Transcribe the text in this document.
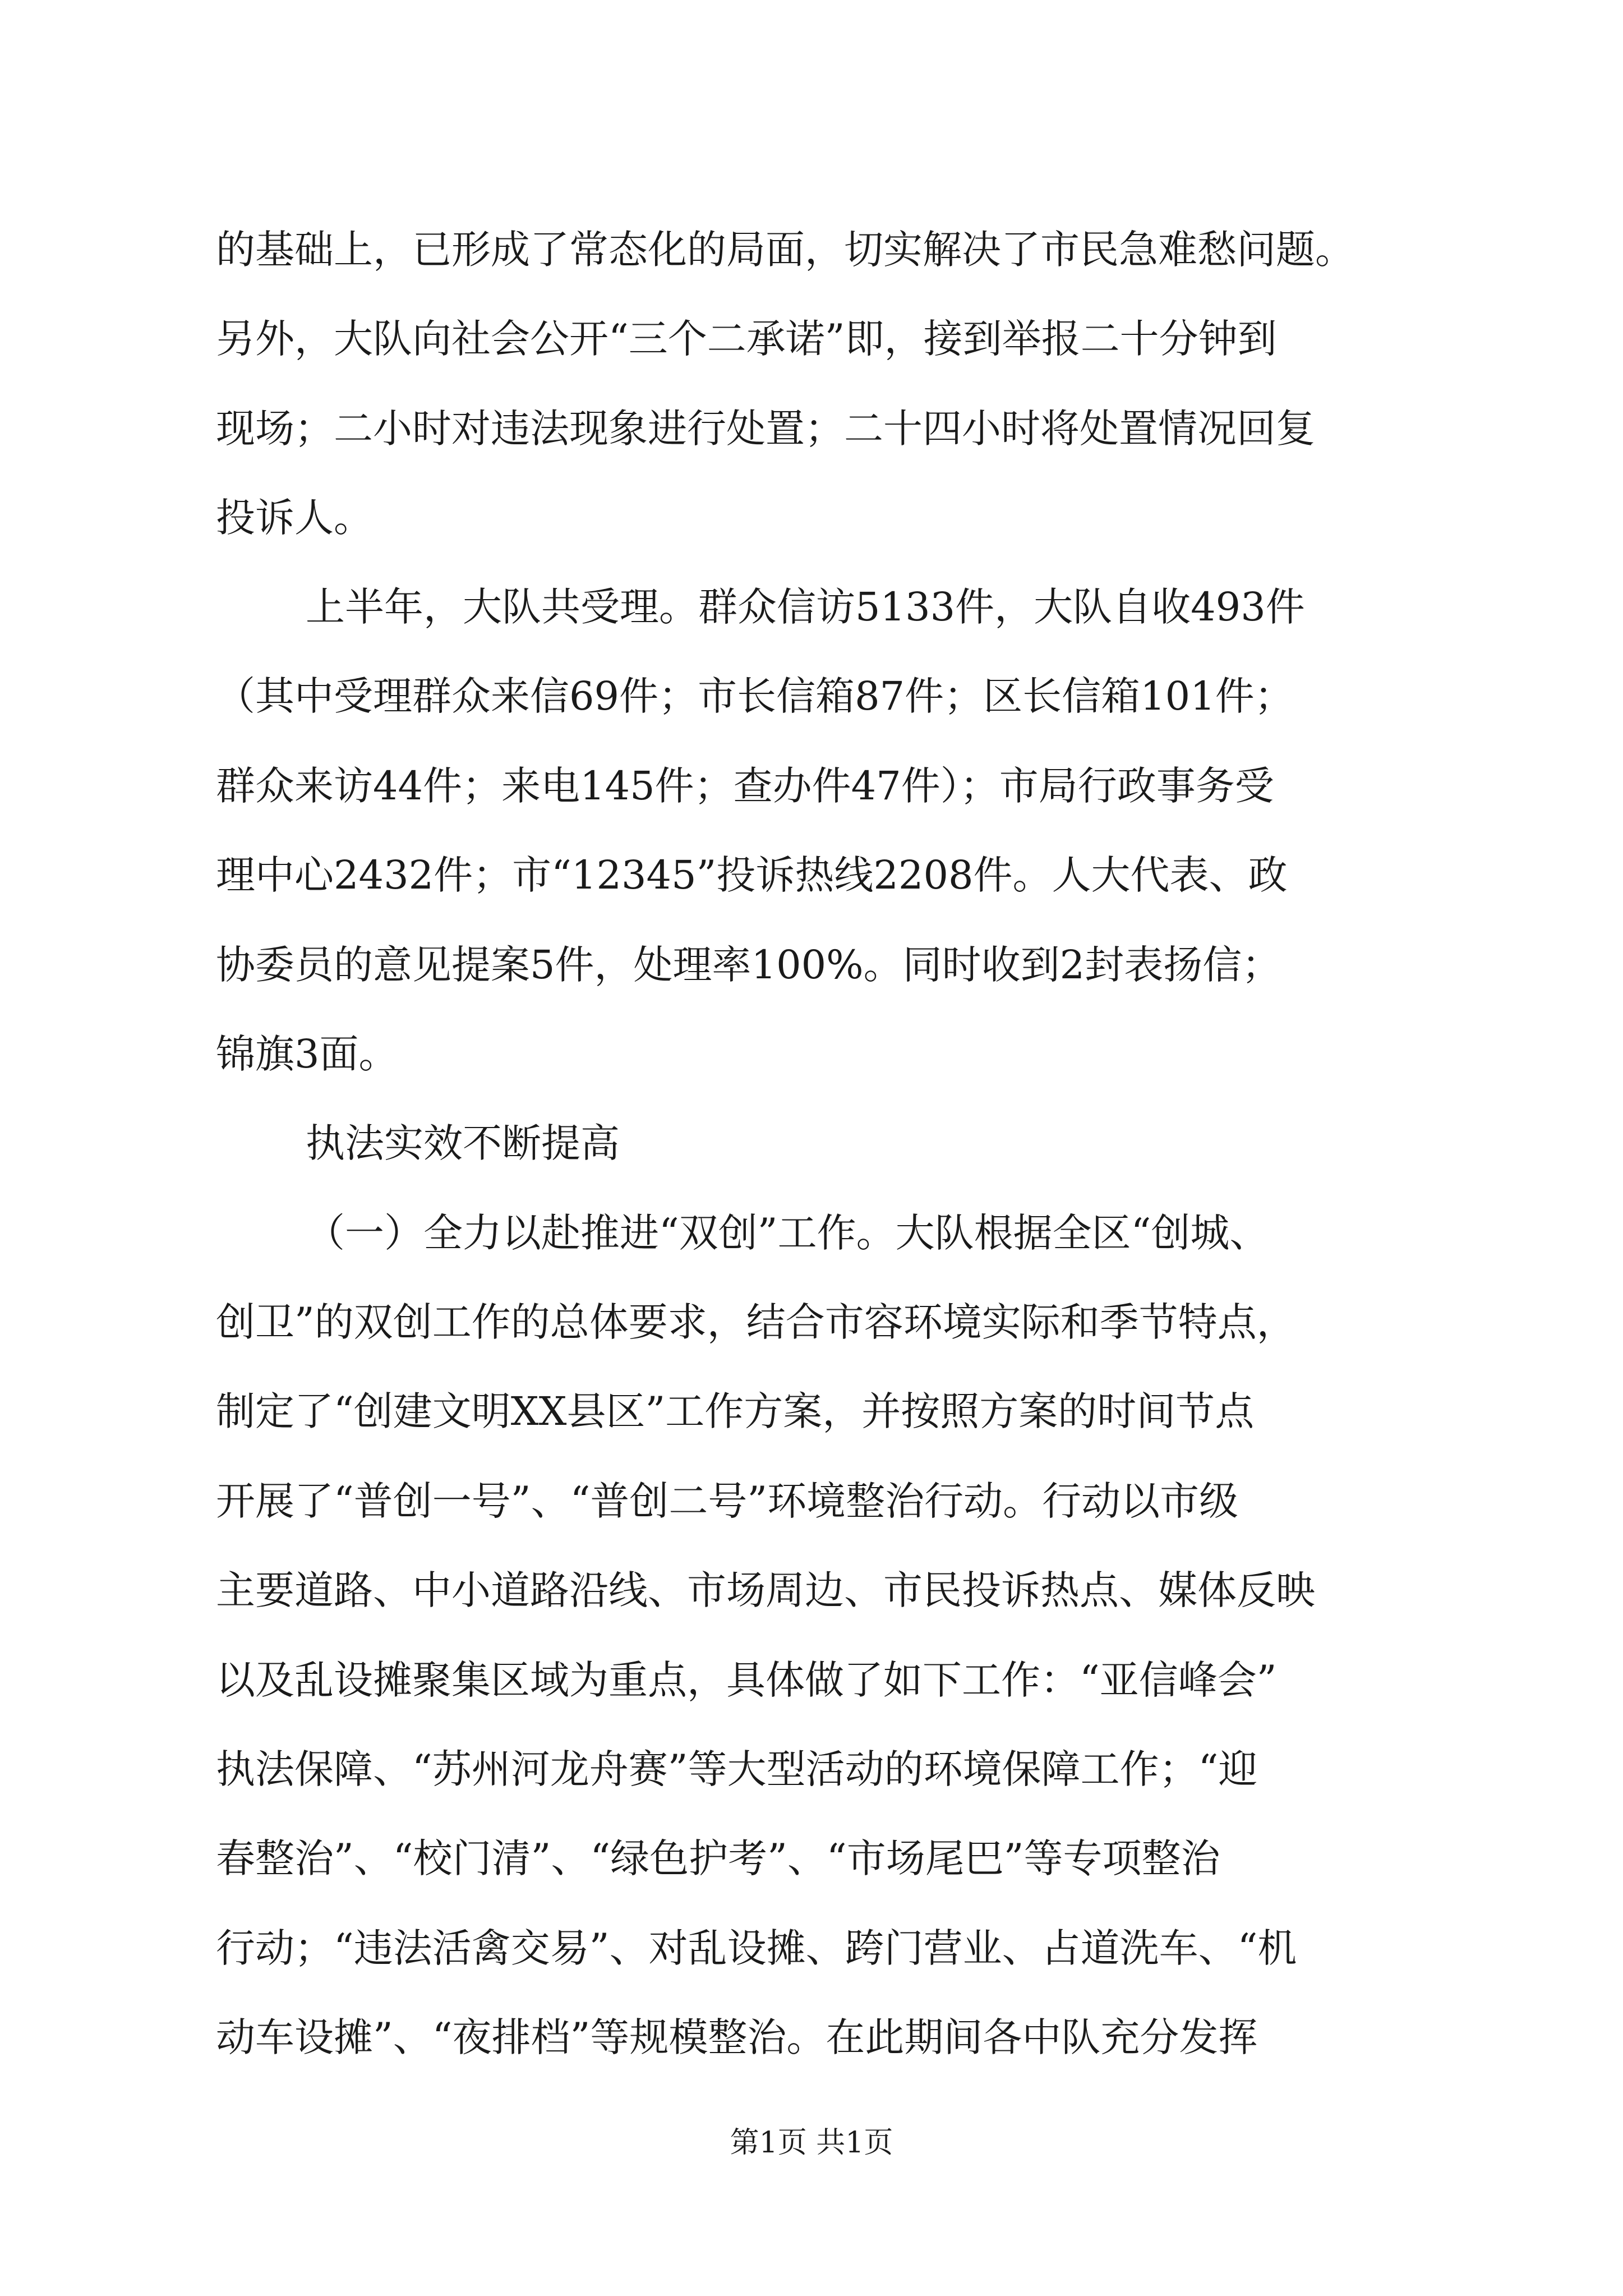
的基础上，已形成了常态化的局面，切实解决了市民急难愁问题。
另外，大队向社会公开“三个二承诺”即，接到举报二十分钟到
现场；二小时对违法现象进行处置；二十四小时将处置情况回复
投诉人。
上半年，大队共受理。群众信访5133件，大队自收493件
（其中受理群众来信69件；市长信箱87件；区长信箱101件；
群众来访44件；来电145件；查办件47件）；市局行政事务受
理中心2432件；市“12345”投诉热线2208件。人大代表、政
协委员的意见提案5件，处理率100%。同时收到2封表扬信；
锦旗3面。
执法实效不断提高
（一）全力以赴推进“双创”工作。大队根据全区“创城、
创卫”的双创工作的总体要求，结合市容环境实际和季节特点，
制定了“创建文明XX县区”工作方案，并按照方案的时间节点
开展了“普创一号”、“普创二号”环境整治行动。行动以市级
主要道路、中小道路沿线、市场周边、市民投诉热点、媒体反映
以及乱设摊聚集区域为重点，具体做了如下工作：“亚信峰会”
执法保障、“苏州河龙舟赛”等大型活动的环境保障工作；“迎
春整治”、“校门清”、“绿色护考”、“市场尾巴”等专项整治
行动；“违法活禽交易”、对乱设摊、跨门营业、占道洗车、“机
动车设摊”、“夜排档”等规模整治。在此期间各中队充分发挥
第1页 共1页
